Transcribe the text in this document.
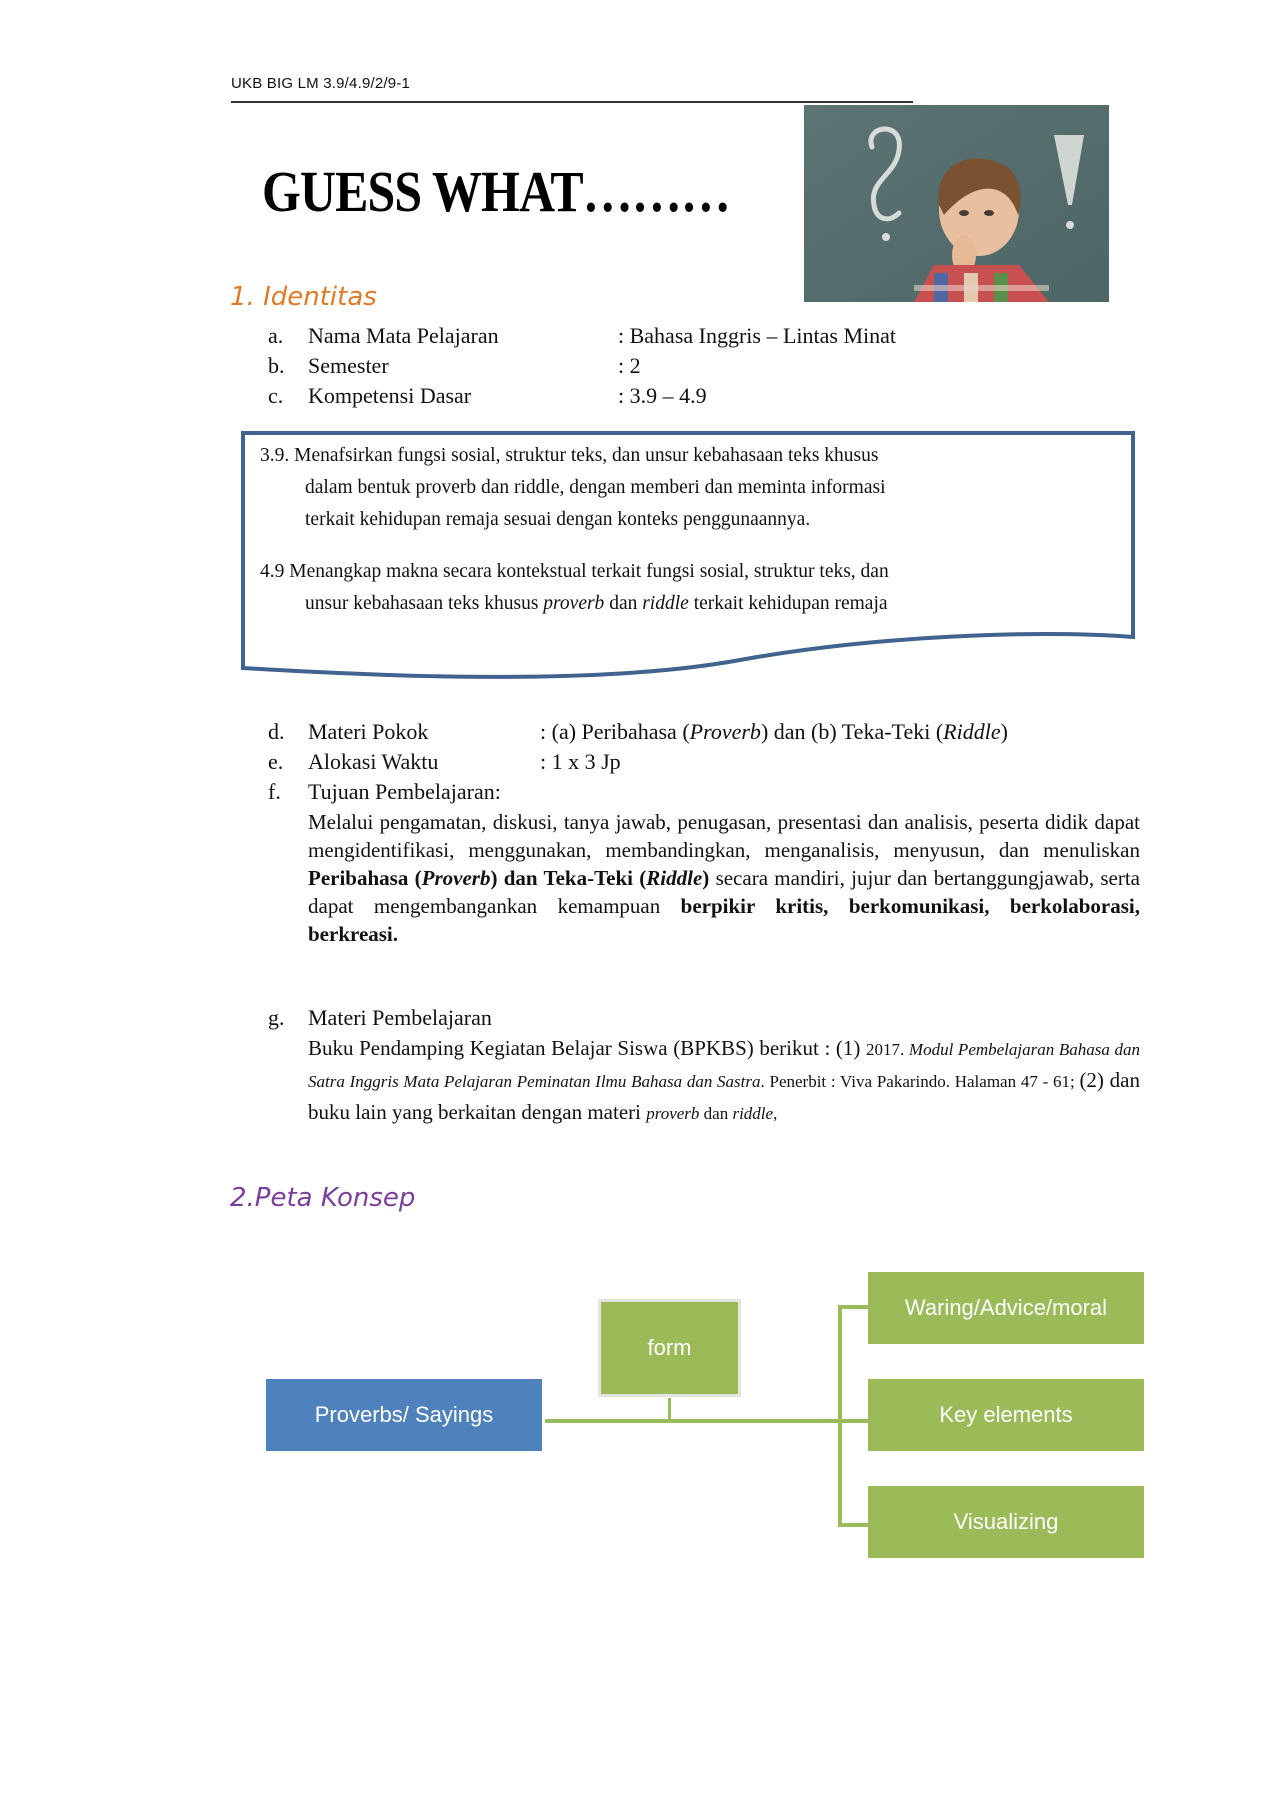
UKB BIG LM 3.9/4.9/2/9-1
GUESS WHAT………
1. Identitas
a. Nama Mata Pelajaran	: Bahasa Inggris – Lintas Minat
b. Semester	: 2
c. Kompetensi Dasar	: 3.9 – 4.9
3.9. Menafsirkan fungsi sosial, struktur teks, dan unsur kebahasaan teks khusus
dalam bentuk proverb dan riddle, dengan memberi dan meminta informasi
terkait kehidupan remaja sesuai dengan konteks penggunaannya.
4.9 Menangkap makna secara kontekstual terkait fungsi sosial, struktur teks, dan
unsur kebahasaan teks khusus proverb dan riddle terkait kehidupan remaja
d. Materi Pokok	: (a) Peribahasa (Proverb) dan (b) Teka-Teki (Riddle)
e. Alokasi Waktu	: 1 x 3 Jp
f. Tujuan Pembelajaran:
Melalui pengamatan, diskusi, tanya jawab, penugasan, presentasi dan analisis, peserta didik dapat mengidentifikasi, menggunakan, membandingkan, menganalisis, menyusun, dan menuliskan Peribahasa (Proverb) dan Teka-Teki (Riddle) secara mandiri, jujur dan bertanggungjawab, serta dapat mengembangankan kemampuan berpikir kritis, berkomunikasi, berkolaborasi, berkreasi.
g. Materi Pembelajaran
Buku Pendamping Kegiatan Belajar Siswa (BPKBS) berikut : (1) 2017. Modul Pembelajaran Bahasa dan Satra Inggris Mata Pelajaran Peminatan Ilmu Bahasa dan Sastra. Penerbit : Viva Pakarindo. Halaman 47 - 61; (2) dan buku lain yang berkaitan dengan materi proverb dan riddle,
2.Peta Konsep
Proverbs/ Sayings
form
Waring/Advice/moral
Key elements
Visualizing
